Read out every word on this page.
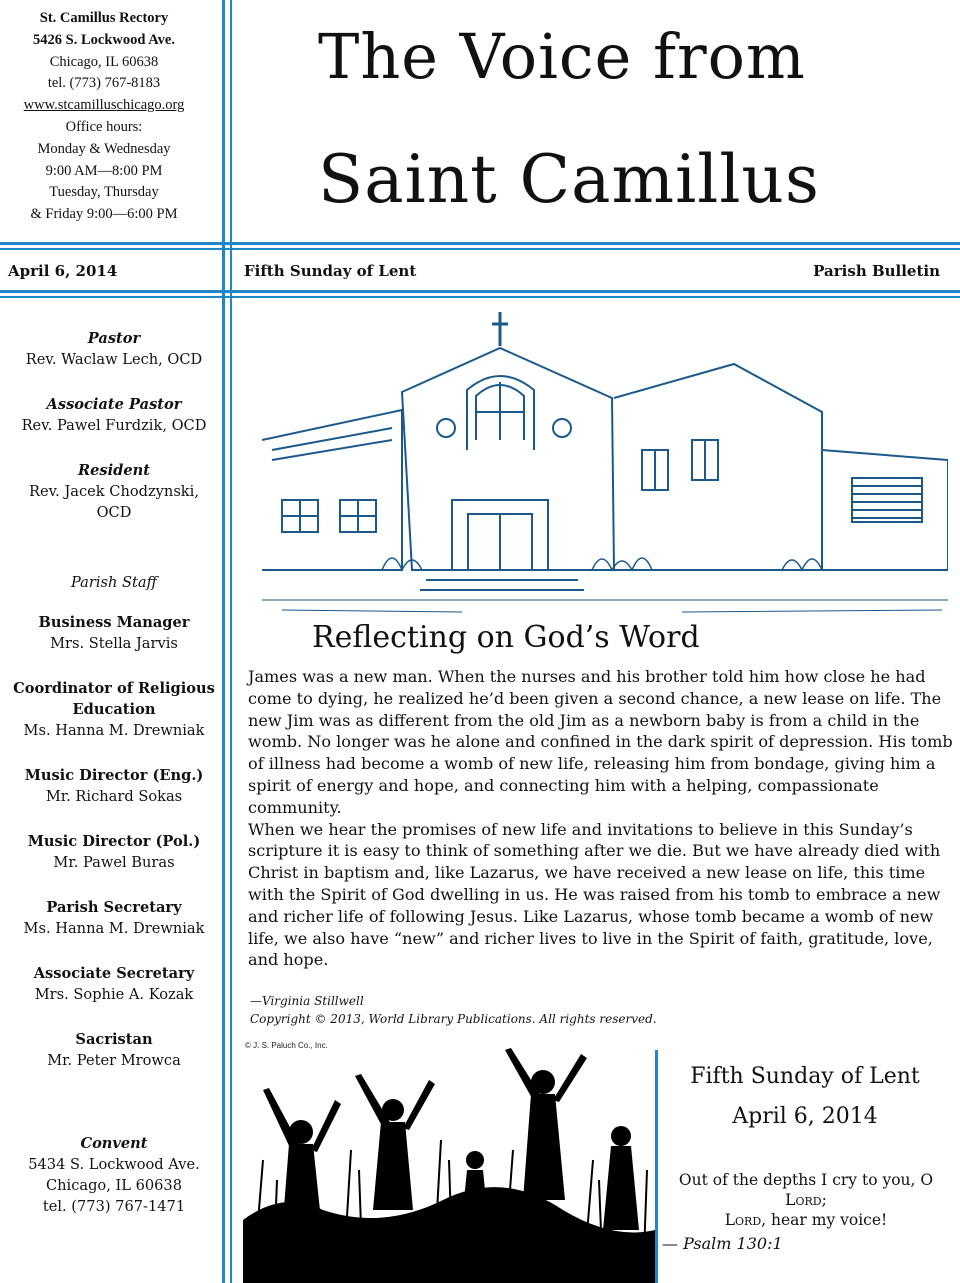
St. Camillus Rectory
5426 S. Lockwood Ave.
Chicago, IL 60638
tel. (773) 767-8183
www.stcamilluschicago.org
Office hours:
Monday & Wednesday
9:00 AM—8:00 PM
Tuesday, Thursday
& Friday 9:00—6:00 PM
The Voice from
Saint Camillus
April 6, 2014	Fifth Sunday of Lent	Parish Bulletin
Pastor
Rev. Waclaw Lech, OCD
Associate Pastor
Rev. Pawel Furdzik, OCD
Resident
Rev. Jacek Chodzynski,
OCD
Parish Staff
Business Manager
Mrs. Stella Jarvis
Coordinator of Religious
Education
Ms. Hanna M. Drewniak
Music Director (Eng.)
Mr. Richard Sokas
Music Director (Pol.)
Mr. Pawel Buras
Parish Secretary
Ms. Hanna M. Drewniak
Associate Secretary
Mrs. Sophie A. Kozak
Sacristan
Mr. Peter Mrowca
Convent
5434 S. Lockwood Ave.
Chicago, IL 60638
tel. (773) 767-1471
Reflecting on God’s Word

James was a new man. When the nurses and his brother told him how close he had come to dying, he realized he’d been given a second chance, a new lease on life. The new Jim was as different from the old Jim as a newborn baby is from a child in the womb. No longer was he alone and confined in the dark spirit of depression. His tomb of illness had become a womb of new life, releasing him from bondage, giving him a spirit of energy and hope, and connecting him with a helping, compassionate community.

When we hear the promises of new life and invitations to believe in this Sunday’s scripture it is easy to think of something after we die. But we have already died with Christ in baptism and, like Lazarus, we have received a new lease on life, this time with the Spirit of God dwelling in us. He was raised from his tomb to embrace a new and richer life of following Jesus. Like Lazarus, whose tomb became a womb of new life, we also have “new” and richer lives to live in the Spirit of faith, gratitude, love, and hope.

—Virginia Stillwell
Copyright © 2013, World Library Publications. All rights reserved.
© J. S. Paluch Co., Inc.
Fifth Sunday of Lent
April 6, 2014
Out of the depths I cry to you, O Lord;
Lord, hear my voice!
— Psalm 130:1
